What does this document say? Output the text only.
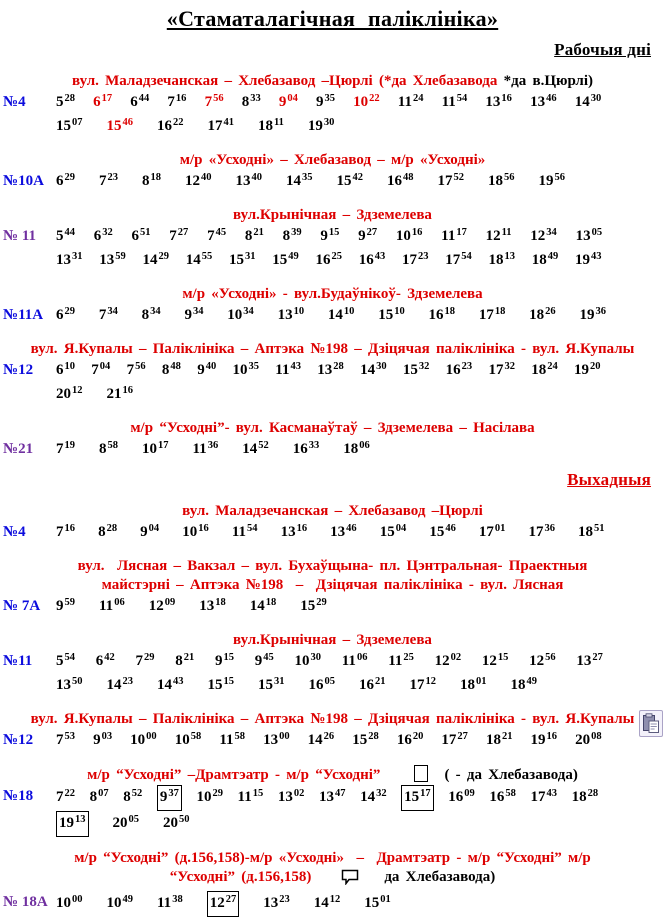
«Стаматалагічная паліклініка»
Рабочыя дні
вул. Маладзечанская – Хлебазавод –Цюрлі (*да Хлебазавода *да в.Цюрлі)
№4	$5^{28}$ $6^{17}$ $6^{44}$ $7^{16}$ $7^{56}$ $8^{33}$ $9^{04}$ $9^{35}$ $10^{22}$ $11^{24}$ $11^{54}$ $13^{16}$ $13^{46}$ $14^{30}$
$15^{07}$ $15^{46}$ $16^{22}$ $17^{41}$ $18^{11}$ $19^{30}$
м/р «Усходні» – Хлебазавод – м/р «Усходні»
№10А $6^{29}$ $7^{23}$ $8^{18}$ $12^{40}$ $13^{40}$ $14^{35}$ $15^{42}$ $16^{48}$ $17^{52}$ $18^{56}$ $19^{56}$
вул.Крынічная – Здземелева
№ 11	$5^{44}$ $6^{32}$ $6^{51}$ $7^{27}$ $7^{45}$ $8^{21}$ $8^{39}$ $9^{15}$ $9^{27}$ $10^{16}$ $11^{17}$ $12^{11}$ $12^{34}$ $13^{05}$
$13^{31}$ $13^{59}$ $14^{29}$ $14^{55}$ $15^{31}$ $15^{49}$ $16^{25}$ $16^{43}$ $17^{23}$ $17^{54}$ $18^{13}$ $18^{49}$ $19^{43}$
м/р «Усходні» - вул.Будаўнікоў- Здземелева
№11А $6^{29}$ $7^{34}$ $8^{34}$ $9^{34}$ $10^{34}$ $13^{10}$ $14^{10}$ $15^{10}$ $16^{18}$ $17^{18}$ $18^{26}$ $19^{36}$
вул. Я.Купалы – Паліклініка – Аптэка №198 – Дзіцячая паліклініка - вул. Я.Купалы
№12	$6^{10}$ $7^{04}$ $7^{56}$ $8^{48}$ $9^{40}$ $10^{35}$ $11^{43}$ $13^{28}$ $14^{30}$ $15^{32}$ $16^{23}$ $17^{32}$ $18^{24}$ $19^{20}$
$20^{12}$ $21^{16}$
м/р “Усходні”- вул. Касманаўтаў – Здземелева – Насілава
№21	$7^{19}$ $8^{58}$ $10^{17}$ $11^{36}$ $14^{52}$ $16^{33}$ $18^{06}$
Выхадныя
вул. Маладзечанская – Хлебазавод –Цюрлі
№4	$7^{16}$ $8^{28}$ $9^{04}$ $10^{16}$ $11^{54}$ $13^{16}$ $13^{46}$ $15^{04}$ $15^{46}$ $17^{01}$ $17^{36}$ $18^{51}$
вул.  Лясная – Вакзал – вул. Бухаўщына- пл. Цэнтральная- Праектныя
майстэрні – Аптэка №198  –  Дзіцячая паліклініка - вул. Лясная
№ 7А	$9^{59}$ $11^{06}$ $12^{09}$ $13^{18}$ $14^{18}$ $15^{29}$
вул.Крынічная – Здземелева
№11	$5^{54}$ $6^{42}$ $7^{29}$ $8^{21}$ $9^{15}$ $9^{45}$ $10^{30}$ $11^{06}$ $11^{25}$ $12^{02}$ $12^{15}$ $12^{56}$ $13^{27}$
$13^{50}$ $14^{23}$ $14^{43}$ $15^{15}$ $15^{31}$ $16^{05}$ $16^{21}$ $17^{12}$ $18^{01}$ $18^{49}$
вул. Я.Купалы – Паліклініка – Аптэка №198 – Дзіцячая паліклініка - вул. Я.Купалы
№12	$7^{53}$ $9^{03}$ $10^{00}$ $10^{58}$ $11^{58}$ $13^{00}$ $14^{26}$ $15^{28}$ $16^{20}$ $17^{27}$ $18^{21}$ $19^{16}$ $20^{08}$
м/р “Усходні” –Драмтэатр - м/р “Усходні”	( - да Хлебазавода)
№18	$7^{22}$ $8^{07}$ $8^{52}$ $9^{37}$ $10^{29}$ $11^{15}$ $13^{02}$ $13^{47}$ $14^{32}$ $15^{17}$ $16^{09}$ $16^{58}$ $17^{43}$ $18^{28}$
$19^{13}$ $20^{05}$ $20^{50}$
м/р “Усходні” (д.156,158)-м/р «Усходні»  –  Драмтэатр - м/р “Усходні” м/р
“Усходні” (д.156,158)	да Хлебазавода)
№ 18А $10^{00}$ $10^{49}$ $11^{38}$ $12^{27}$ $13^{23}$ $14^{12}$ $15^{01}$
